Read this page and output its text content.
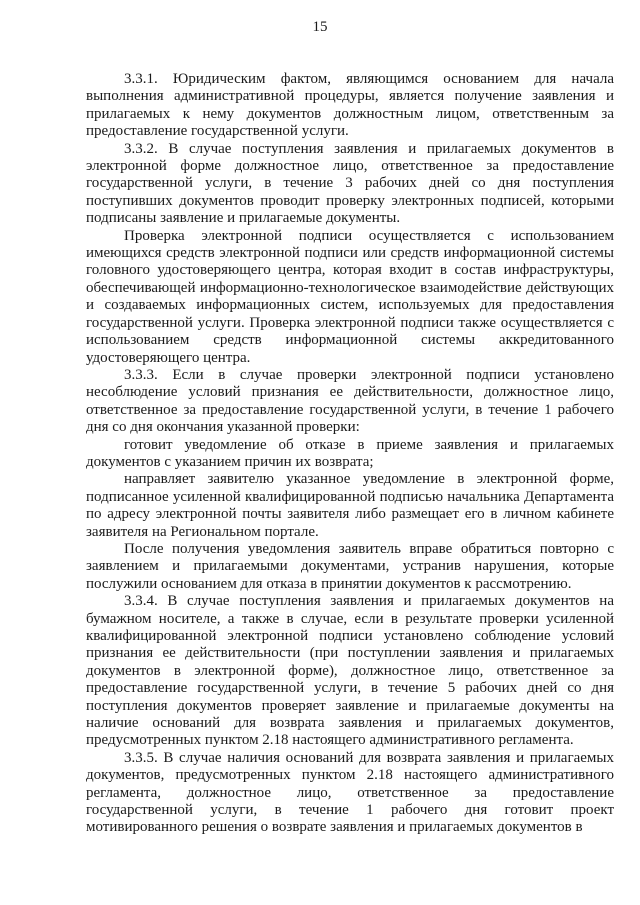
15

3.3.1. Юридическим фактом, являющимся основанием для начала выполнения административной процедуры, является получение заявления и прилагаемых к нему документов должностным лицом, ответственным за предоставление государственной услуги.

3.3.2. В случае поступления заявления и прилагаемых документов в электронной форме должностное лицо, ответственное за предоставление государственной услуги, в течение 3 рабочих дней со дня поступления поступивших документов проводит проверку электронных подписей, которыми подписаны заявление и прилагаемые документы.

Проверка электронной подписи осуществляется с использованием имеющихся средств электронной подписи или средств информационной системы головного удостоверяющего центра, которая входит в состав инфраструктуры, обеспечивающей информационно-технологическое взаимодействие действующих и создаваемых информационных систем, используемых для предоставления государственной услуги. Проверка электронной подписи также осуществляется с использованием средств информационной системы аккредитованного удостоверяющего центра.

3.3.3. Если в случае проверки электронной подписи установлено несоблюдение условий признания ее действительности, должностное лицо, ответственное за предоставление государственной услуги, в течение 1 рабочего дня со дня окончания указанной проверки:

готовит уведомление об отказе в приеме заявления и прилагаемых документов с указанием причин их возврата;

направляет заявителю указанное уведомление в электронной форме, подписанное усиленной квалифицированной подписью начальника Департамента по адресу электронной почты заявителя либо размещает его в личном кабинете заявителя на Региональном портале.

После получения уведомления заявитель вправе обратиться повторно с заявлением и прилагаемыми документами, устранив нарушения, которые послужили основанием для отказа в принятии документов к рассмотрению.

3.3.4. В случае поступления заявления и прилагаемых документов на бумажном носителе, а также в случае, если в результате проверки усиленной квалифицированной электронной подписи установлено соблюдение условий признания ее действительности (при поступлении заявления и прилагаемых документов в электронной форме), должностное лицо, ответственное за предоставление государственной услуги, в течение 5 рабочих дней со дня поступления документов проверяет заявление и прилагаемые документы на наличие оснований для возврата заявления и прилагаемых документов, предусмотренных пунктом 2.18 настоящего административного регламента.

3.3.5. В случае наличия оснований для возврата заявления и прилагаемых документов, предусмотренных пунктом 2.18 настоящего административного регламента, должностное лицо, ответственное за предоставление государственной услуги, в течение 1 рабочего дня готовит проект мотивированного решения о возврате заявления и прилагаемых документов в
